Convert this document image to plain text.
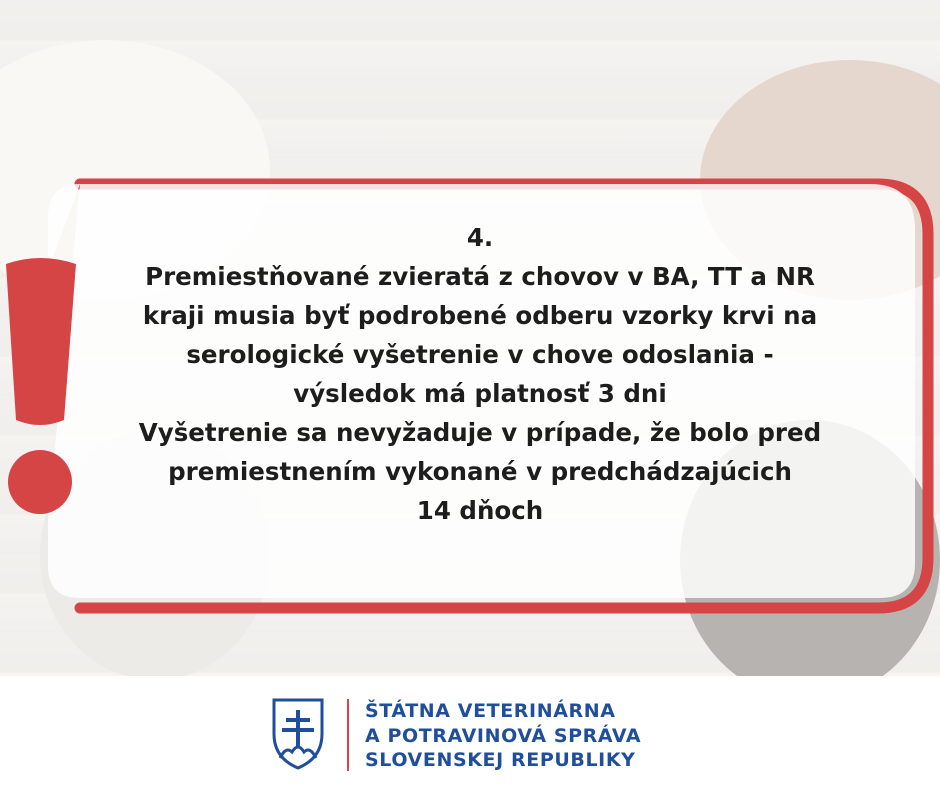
4.
Premiestňované zvieratá z chovov v BA, TT a NR
kraji musia byť podrobené odberu vzorky krvi na
serologické vyšetrenie v chove odoslania -
výsledok má platnosť 3 dni
Vyšetrenie sa nevyžaduje v prípade, že bolo pred
premiestnením vykonané v predchádzajúcich
14 dňoch
ŠTÁTNA VETERINÁRNA
A POTRAVINOVÁ SPRÁVA
SLOVENSKEJ REPUBLIKY
